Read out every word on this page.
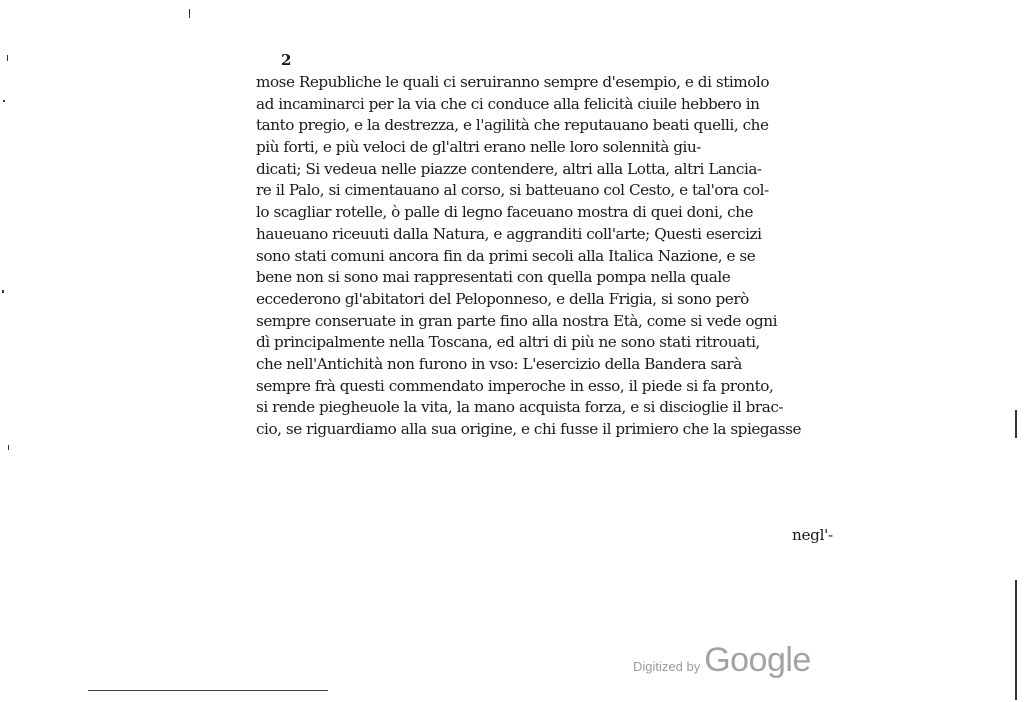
2
mose Republiche le quali ci seruiranno sempre d'esempio, e di stimolo
ad incaminarci per la via che ci conduce alla felicità ciuile hebbero in
tanto pregio, e la destrezza, e l'agilità che reputauano beati quelli, che
più forti, e più veloci de gl'altri erano nelle loro solennità giu-
dicati; Si vedeua nelle piazze contendere, altri alla Lotta, altri Lancia-
re il Palo, si cimentauano al corso, si batteuano col Cesto, e tal'ora col-
lo scagliar rotelle, ò palle di legno faceuano mostra di quei doni, che
haueuano riceuuti dalla Natura, e aggranditi coll'arte; Questi esercizi
sono stati comuni ancora fin da primi secoli alla Italica Nazione, e se
bene non si sono mai rappresentati con quella pompa nella quale
eccederono gl'abitatori del Peloponneso, e della Frigia, si sono però
sempre conseruate in gran parte fino alla nostra Età, come si vede ogni
dì principalmente nella Toscana, ed altri di più ne sono stati ritrouati,
che nell'Antichità non furono in vso: L'esercizio della Bandera sarà
sempre frà questi commendato imperoche in esso, il piede si fa pronto,
si rende piegheuole la vita, la mano acquista forza, e si discioglie il brac-
cio, se riguardiamo alla sua origine, e chi fusse il primiero che la spiegasse
negl'-
Digitized by Google
